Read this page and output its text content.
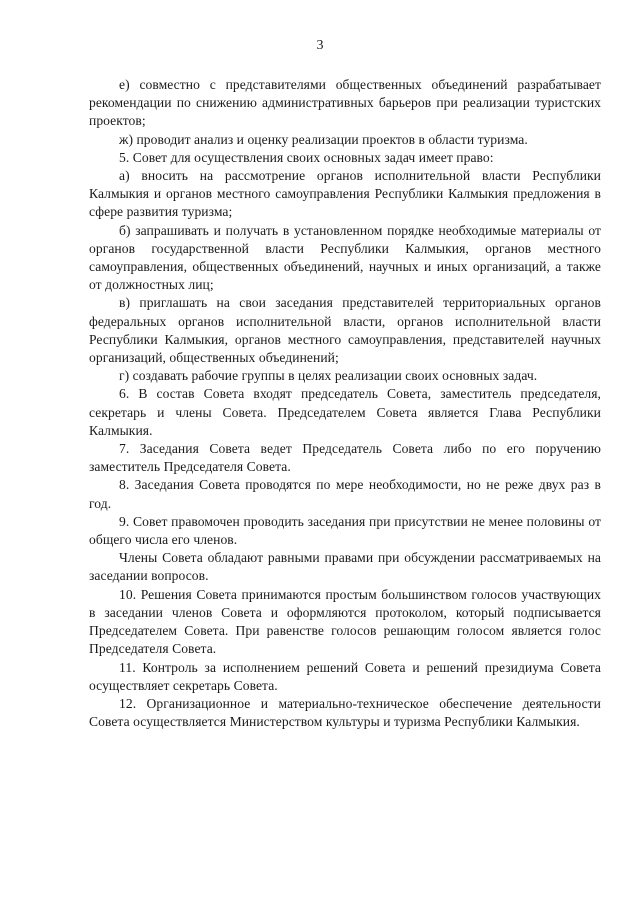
3

е) совместно с представителями общественных объединений разрабатывает рекомендации по снижению административных барьеров при реализации туристских проектов;

ж) проводит анализ и оценку реализации проектов в области туризма.

5. Совет для осуществления своих основных задач имеет право:

а) вносить на рассмотрение органов исполнительной власти Республики Калмыкия и органов местного самоуправления Республики Калмыкия предложения в сфере развития туризма;

б) запрашивать и получать в установленном порядке необходимые материалы от органов государственной власти Республики Калмыкия, органов местного самоуправления, общественных объединений, научных и иных организаций, а также от должностных лиц;

в) приглашать на свои заседания представителей территориальных органов федеральных органов исполнительной власти, органов исполнительной власти Республики Калмыкия, органов местного самоуправления, представителей научных организаций, общественных объединений;

г) создавать рабочие группы в целях реализации своих основных задач.

6. В состав Совета входят председатель Совета, заместитель председателя, секретарь и члены Совета. Председателем Совета является Глава Республики Калмыкия.

7. Заседания Совета ведет Председатель Совета либо по его поручению заместитель Председателя Совета.

8. Заседания Совета проводятся по мере необходимости, но не реже двух раз в год.

9. Совет правомочен проводить заседания при присутствии не менее половины от общего числа его членов.

Члены Совета обладают равными правами при обсуждении рассматриваемых на заседании вопросов.

10. Решения Совета принимаются простым большинством голосов участвующих в заседании членов Совета и оформляются протоколом, который подписывается Председателем Совета. При равенстве голосов решающим голосом является голос Председателя Совета.

11. Контроль за исполнением решений Совета и решений президиума Совета осуществляет секретарь Совета.

12. Организационное и материально-техническое обеспечение деятельности Совета осуществляется Министерством культуры и туризма Республики Калмыкия.
